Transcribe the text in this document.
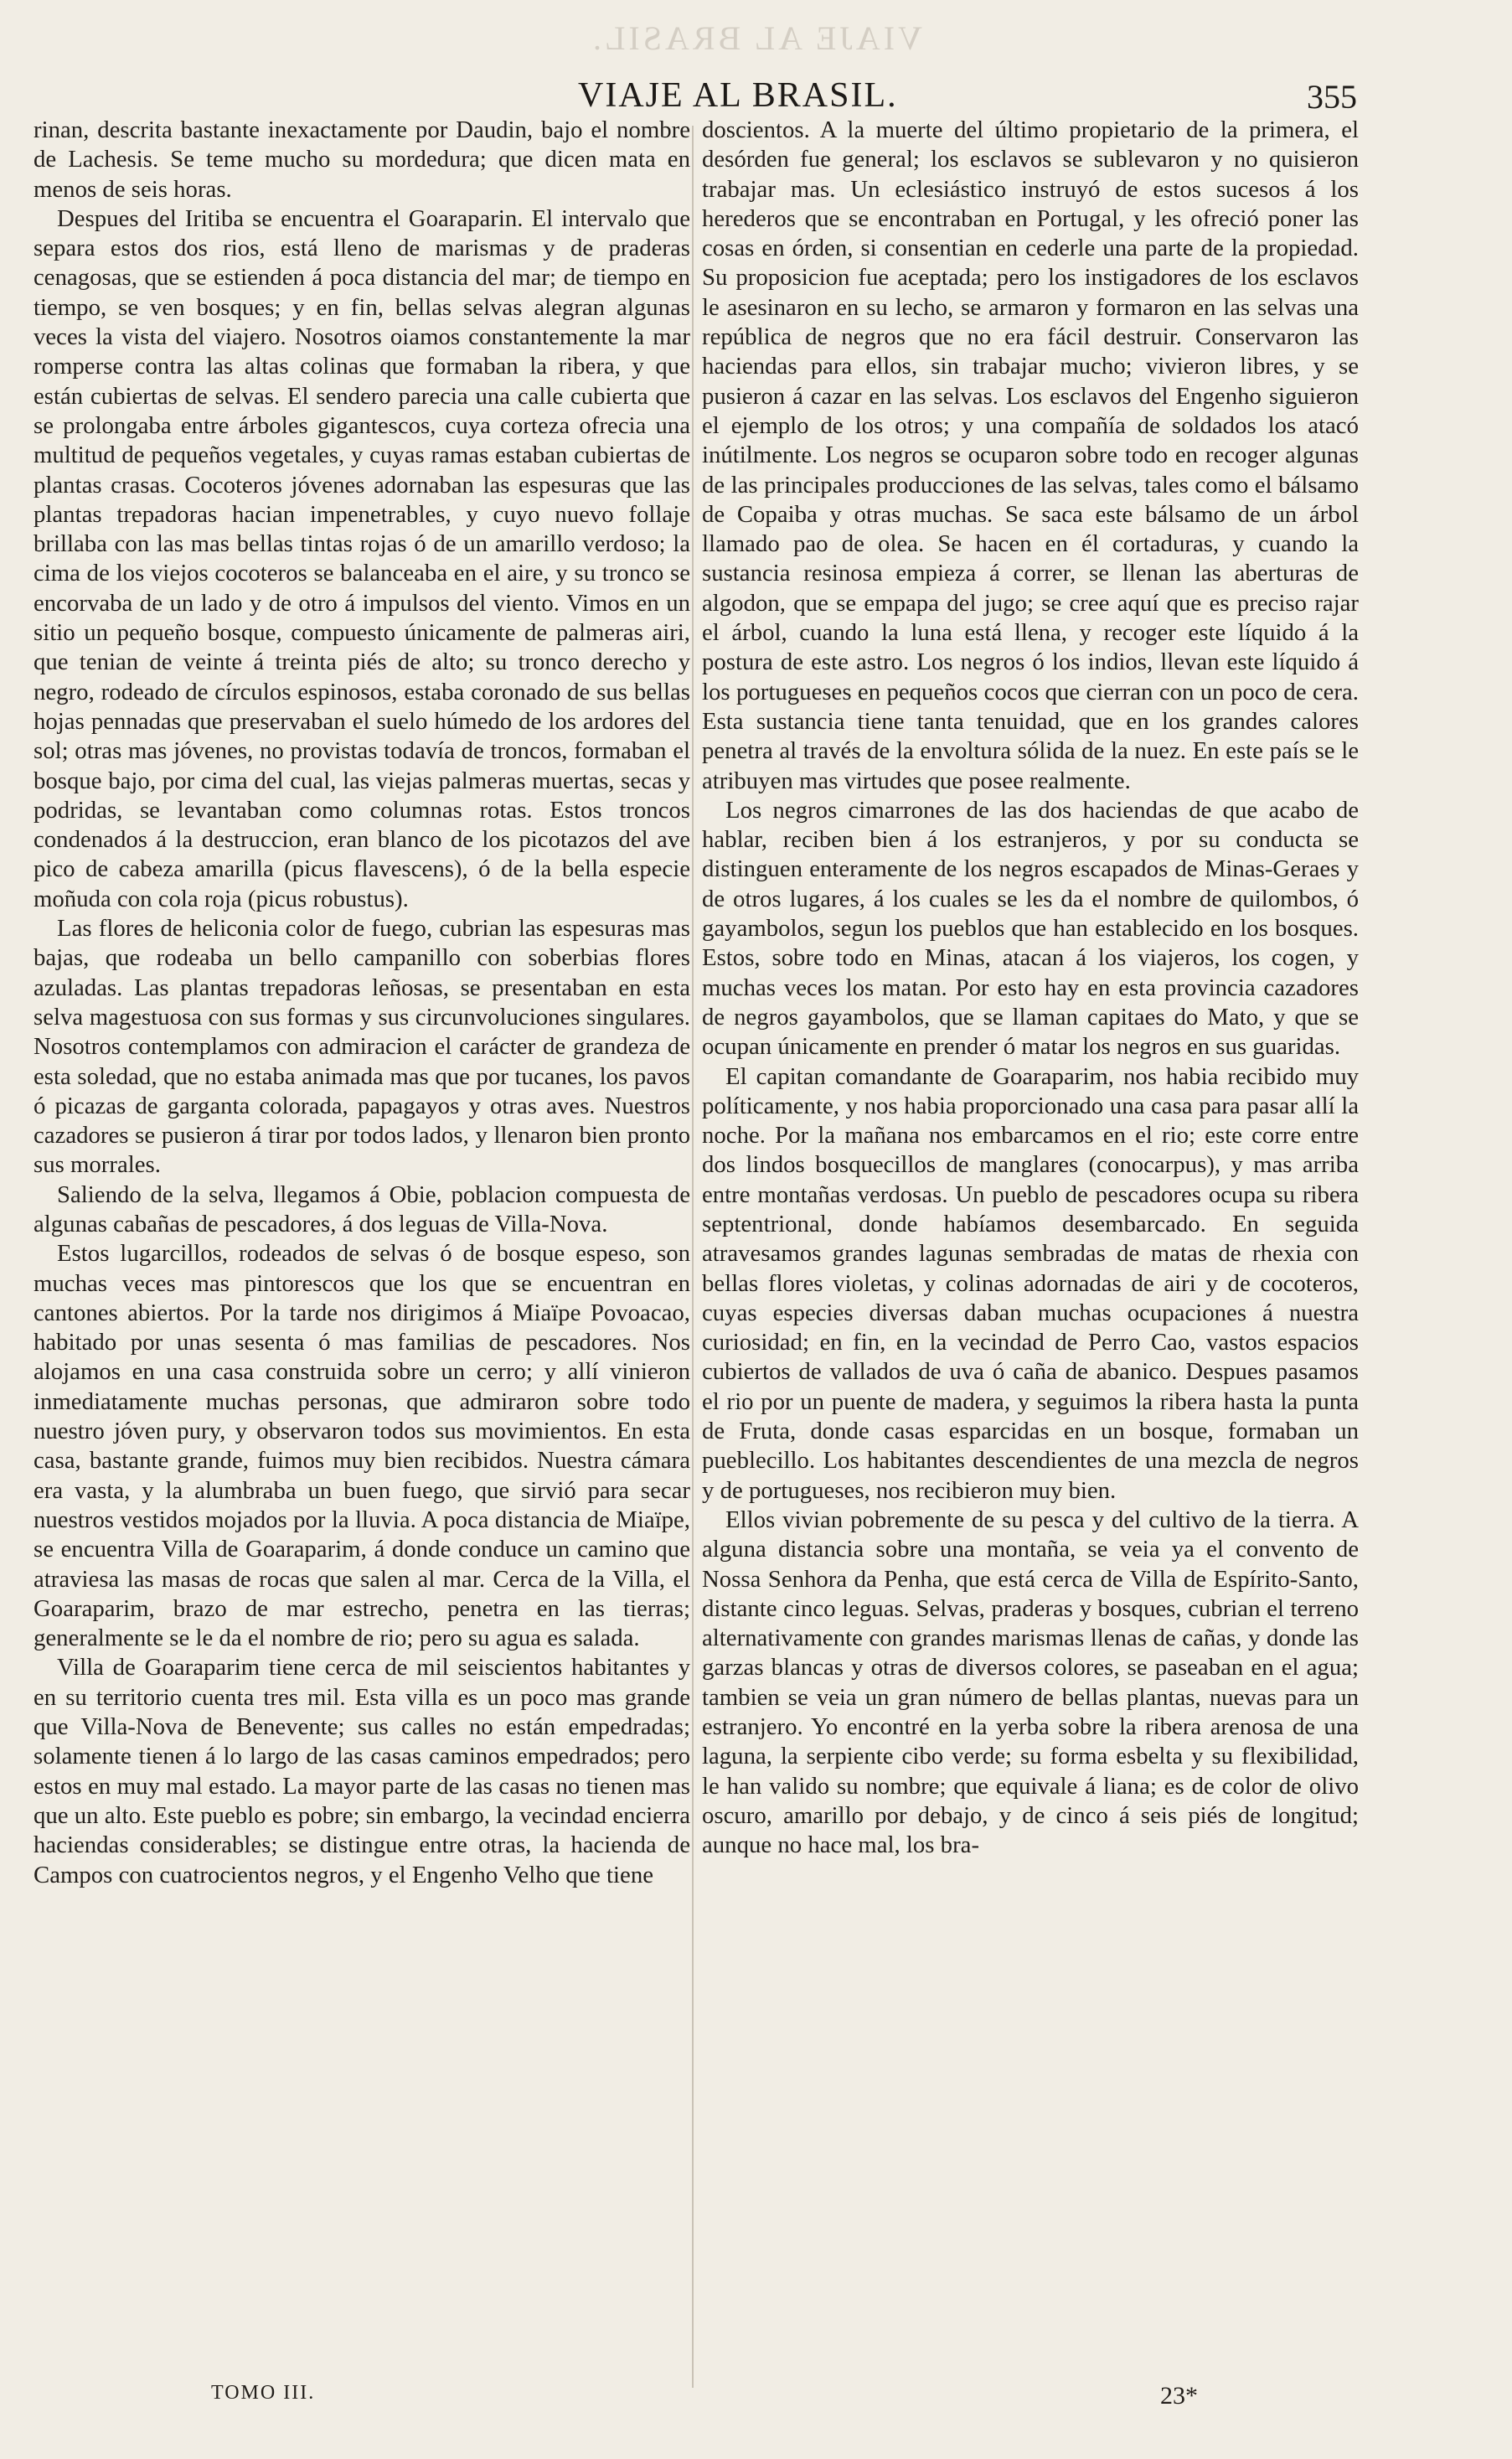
VIAJE AL BRASIL.
VIAJE AL BRASIL.	355

rinan, descrita bastante inexactamente por Daudin, bajo el nombre de Lachesis. Se teme mucho su mordedura; que dicen mata en menos de seis horas.

Despues del Iritiba se encuentra el Goaraparin. El intervalo que separa estos dos rios, está lleno de marismas y de praderas cenagosas, que se estienden á poca distancia del mar; de tiempo en tiempo, se ven bosques; y en fin, bellas selvas alegran algunas veces la vista del viajero. Nosotros oiamos constantemente la mar romperse contra las altas colinas que formaban la ribera, y que están cubiertas de selvas. El sendero parecia una calle cubierta que se prolongaba entre árboles gigantescos, cuya corteza ofrecia una multitud de pequeños vegetales, y cuyas ramas estaban cubiertas de plantas crasas. Cocoteros jóvenes adornaban las espesuras que las plantas trepadoras hacian impenetrables, y cuyo nuevo follaje brillaba con las mas bellas tintas rojas ó de un amarillo verdoso; la cima de los viejos cocoteros se balanceaba en el aire, y su tronco se encorvaba de un lado y de otro á impulsos del viento. Vimos en un sitio un pequeño bosque, compuesto únicamente de palmeras airi, que tenian de veinte á treinta piés de alto; su tronco derecho y negro, rodeado de círculos espinosos, estaba coronado de sus bellas hojas pennadas que preservaban el suelo húmedo de los ardores del sol; otras mas jóvenes, no provistas todavía de troncos, formaban el bosque bajo, por cima del cual, las viejas palmeras muertas, secas y podridas, se levantaban como columnas rotas. Estos troncos condenados á la destruccion, eran blanco de los picotazos del ave pico de cabeza amarilla (picus flavescens), ó de la bella especie moñuda con cola roja (picus robustus).

Las flores de heliconia color de fuego, cubrian las espesuras mas bajas, que rodeaba un bello campanillo con soberbias flores azuladas. Las plantas trepadoras leñosas, se presentaban en esta selva magestuosa con sus formas y sus circunvoluciones singulares. Nosotros contemplamos con admiracion el carácter de grandeza de esta soledad, que no estaba animada mas que por tucanes, los pavos ó picazas de garganta colorada, papagayos y otras aves. Nuestros cazadores se pusieron á tirar por todos lados, y llenaron bien pronto sus morrales.

Saliendo de la selva, llegamos á Obie, poblacion compuesta de algunas cabañas de pescadores, á dos leguas de Villa-Nova.

Estos lugarcillos, rodeados de selvas ó de bosque espeso, son muchas veces mas pintorescos que los que se encuentran en cantones abiertos. Por la tarde nos dirigimos á Miaïpe Povoacao, habitado por unas sesenta ó mas familias de pescadores. Nos alojamos en una casa construida sobre un cerro; y allí vinieron inmediatamente muchas personas, que admiraron sobre todo nuestro jóven pury, y observaron todos sus movimientos. En esta casa, bastante grande, fuimos muy bien recibidos. Nuestra cámara era vasta, y la alumbraba un buen fuego, que sirvió para secar nuestros vestidos mojados por la lluvia. A poca distancia de Miaïpe, se encuentra Villa de Goaraparim, á donde conduce un camino que atraviesa las masas de rocas que salen al mar. Cerca de la Villa, el Goaraparim, brazo de mar estrecho, penetra en las tierras; generalmente se le da el nombre de rio; pero su agua es salada.

Villa de Goaraparim tiene cerca de mil seiscientos habitantes y en su territorio cuenta tres mil. Esta villa es un poco mas grande que Villa-Nova de Benevente; sus calles no están empedradas; solamente tienen á lo largo de las casas caminos empedrados; pero estos en muy mal estado. La mayor parte de las casas no tienen mas que un alto. Este pueblo es pobre; sin embargo, la vecindad encierra haciendas considerables; se distingue entre otras, la hacienda de Campos con cuatrocientos negros, y el Engenho Velho que tiene

doscientos. A la muerte del último propietario de la primera, el desórden fue general; los esclavos se sublevaron y no quisieron trabajar mas. Un eclesiástico instruyó de estos sucesos á los herederos que se encontraban en Portugal, y les ofreció poner las cosas en órden, si consentian en cederle una parte de la propiedad. Su proposicion fue aceptada; pero los instigadores de los esclavos le asesinaron en su lecho, se armaron y formaron en las selvas una república de negros que no era fácil destruir. Conservaron las haciendas para ellos, sin trabajar mucho; vivieron libres, y se pusieron á cazar en las selvas. Los esclavos del Engenho siguieron el ejemplo de los otros; y una compañía de soldados los atacó inútilmente. Los negros se ocuparon sobre todo en recoger algunas de las principales producciones de las selvas, tales como el bálsamo de Copaiba y otras muchas. Se saca este bálsamo de un árbol llamado pao de olea. Se hacen en él cortaduras, y cuando la sustancia resinosa empieza á correr, se llenan las aberturas de algodon, que se empapa del jugo; se cree aquí que es preciso rajar el árbol, cuando la luna está llena, y recoger este líquido á la postura de este astro. Los negros ó los indios, llevan este líquido á los portugueses en pequeños cocos que cierran con un poco de cera. Esta sustancia tiene tanta tenuidad, que en los grandes calores penetra al través de la envoltura sólida de la nuez. En este país se le atribuyen mas virtudes que posee realmente.

Los negros cimarrones de las dos haciendas de que acabo de hablar, reciben bien á los estranjeros, y por su conducta se distinguen enteramente de los negros escapados de Minas-Geraes y de otros lugares, á los cuales se les da el nombre de quilombos, ó gayambolos, segun los pueblos que han establecido en los bosques. Estos, sobre todo en Minas, atacan á los viajeros, los cogen, y muchas veces los matan. Por esto hay en esta provincia cazadores de negros gayambolos, que se llaman capitaes do Mato, y que se ocupan únicamente en prender ó matar los negros en sus guaridas.

El capitan comandante de Goaraparim, nos habia recibido muy políticamente, y nos habia proporcionado una casa para pasar allí la noche. Por la mañana nos embarcamos en el rio; este corre entre dos lindos bosquecillos de manglares (conocarpus), y mas arriba entre montañas verdosas. Un pueblo de pescadores ocupa su ribera septentrional, donde habíamos desembarcado. En seguida atravesamos grandes lagunas sembradas de matas de rhexia con bellas flores violetas, y colinas adornadas de airi y de cocoteros, cuyas especies diversas daban muchas ocupaciones á nuestra curiosidad; en fin, en la vecindad de Perro Cao, vastos espacios cubiertos de vallados de uva ó caña de abanico. Despues pasamos el rio por un puente de madera, y seguimos la ribera hasta la punta de Fruta, donde casas esparcidas en un bosque, formaban un pueblecillo. Los habitantes descendientes de una mezcla de negros y de portugueses, nos recibieron muy bien.

Ellos vivian pobremente de su pesca y del cultivo de la tierra. A alguna distancia sobre una montaña, se veia ya el convento de Nossa Senhora da Penha, que está cerca de Villa de Espírito-Santo, distante cinco leguas. Selvas, praderas y bosques, cubrian el terreno alternativamente con grandes marismas llenas de cañas, y donde las garzas blancas y otras de diversos colores, se paseaban en el agua; tambien se veia un gran número de bellas plantas, nuevas para un estranjero. Yo encontré en la yerba sobre la ribera arenosa de una laguna, la serpiente cibo verde; su forma esbelta y su flexibilidad, le han valido su nombre; que equivale á liana; es de color de olivo oscuro, amarillo por debajo, y de cinco á seis piés de longitud; aunque no hace mal, los bra-

TOMO III.	23*
